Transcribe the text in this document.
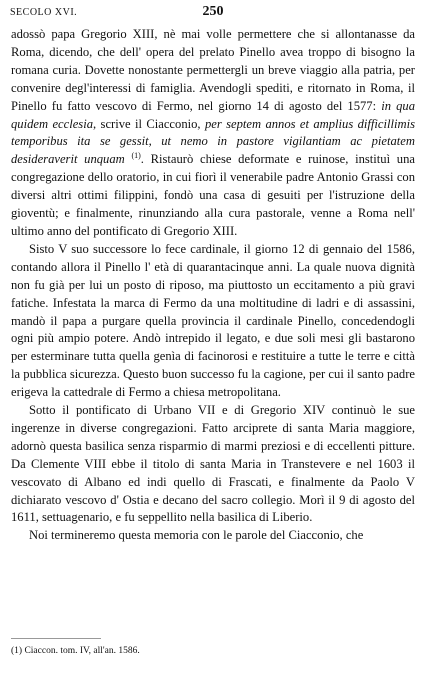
SECOLO XVI.	250

adossò papa Gregorio XIII, nè mai volle permettere che si allontanasse da Roma, dicendo, che dell' opera del prelato Pinello avea troppo di bisogno la romana curia. Dovette nonostante permettergli un breve viaggio alla patria, per convenire degl'interessi di famiglia. Avendogli spediti, e ritornato in Roma, il Pinello fu fatto vescovo di Fermo, nel giorno 14 di agosto del 1577: in qua quidem ecclesia, scrive il Ciacconio, per septem annos et amplius difficillimis temporibus ita se gessit, ut nemo in pastore vigilantiam ac pietatem desideraverit unquam $^{(1)}$. Ristaurò chiese deformate e ruinose, instituì una congregazione dello oratorio, in cui fiorì il venerabile padre Antonio Grassi con diversi altri ottimi filippini, fondò una casa di gesuiti per l'istruzione della gioventù; e finalmente, rinunziando alla cura pastorale, venne a Roma nell' ultimo anno del pontificato di Gregorio XIII.

Sisto V suo successore lo fece cardinale, il giorno 12 di gennaio del 1586, contando allora il Pinello l' età di quarantacinque anni. La quale nuova dignità non fu già per lui un posto di riposo, ma piuttosto un eccitamento a più gravi fatiche. Infestata la marca di Fermo da una moltitudine di ladri e di assassini, mandò il papa a purgare quella provincia il cardinale Pinello, concedendogli ogni più ampio potere. Andò intrepido il legato, e due soli mesi gli bastarono per esterminare tutta quella genìa di facinorosi e restituire a tutte le terre e città la pubblica sicurezza. Questo buon successo fu la cagione, per cui il santo padre erigeva la cattedrale di Fermo a chiesa metropolitana.

Sotto il pontificato di Urbano VII e di Gregorio XIV continuò le sue ingerenze in diverse congregazioni. Fatto arciprete di santa Maria maggiore, adornò questa basilica senza risparmio di marmi preziosi e di eccellenti pitture. Da Clemente VIII ebbe il titolo di santa Maria in Transtevere e nel 1603 il vescovato di Albano ed indi quello di Frascati, e finalmente da Paolo V dichiarato vescovo d' Ostia e decano del sacro collegio. Morì il 9 di agosto del 1611, settuagenario, e fu seppellito nella basilica di Liberio.

Noi termineremo questa memoria con le parole del Ciacconio, che

(1) Ciaccon. tom. IV, all'an. 1586.
